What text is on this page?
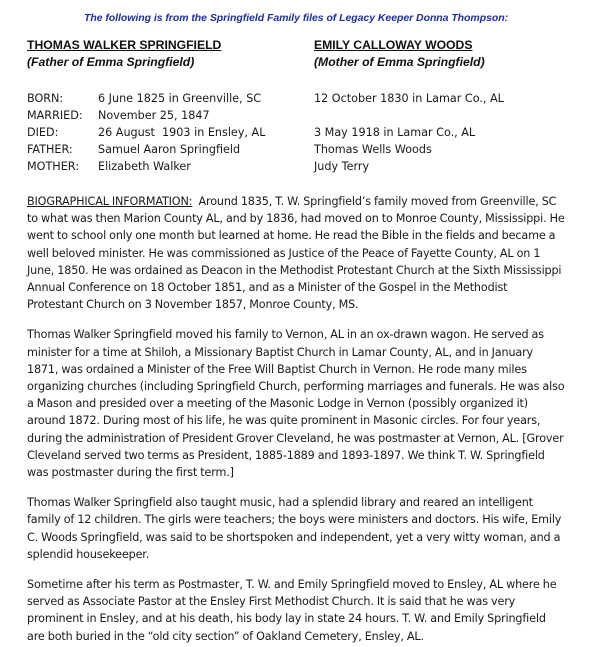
The following is from the Springfield Family files of Legacy Keeper Donna Thompson:
THOMAS WALKER SPRINGFIELD
(Father of Emma Springfield)
EMILY CALLOWAY WOODS
(Mother of Emma Springfield)
BORN:	6 June 1825 in Greenville, SC	12 October 1830 in Lamar Co., AL
MARRIED:	November 25, 1847
DIED:	26 August  1903 in Ensley, AL	3 May 1918 in Lamar Co., AL
FATHER:	Samuel Aaron Springfield	Thomas Wells Woods
MOTHER:	Elizabeth Walker	Judy Terry

BIOGRAPHICAL INFORMATION:  Around 1835, T. W. Springfield’s family moved from Greenville, SC to what was then Marion County AL, and by 1836, had moved on to Monroe County, Mississippi. He went to school only one month but learned at home. He read the Bible in the fields and became a well beloved minister. He was commissioned as Justice of the Peace of Fayette County, AL on 1 June, 1850. He was ordained as Deacon in the Methodist Protestant Church at the Sixth Mississippi Annual Conference on 18 October 1851, and as a Minister of the Gospel in the Methodist Protestant Church on 3 November 1857, Monroe County, MS.

Thomas Walker Springfield moved his family to Vernon, AL in an ox-drawn wagon. He served as minister for a time at Shiloh, a Missionary Baptist Church in Lamar County, AL, and in January 1871, was ordained a Minister of the Free Will Baptist Church in Vernon. He rode many miles organizing churches (including Springfield Church, performing marriages and funerals. He was also a Mason and presided over a meeting of the Masonic Lodge in Vernon (possibly organized it) around 1872. During most of his life, he was quite prominent in Masonic circles. For four years, during the administration of President Grover Cleveland, he was postmaster at Vernon, AL. [Grover Cleveland served two terms as President, 1885-1889 and 1893-1897. We think T. W. Springfield was postmaster during the first term.]

Thomas Walker Springfield also taught music, had a splendid library and reared an intelligent family of 12 children. The girls were teachers; the boys were ministers and doctors. His wife, Emily C. Woods Springfield, was said to be shortspoken and independent, yet a very witty woman, and a splendid housekeeper.

Sometime after his term as Postmaster, T. W. and Emily Springfield moved to Ensley, AL where he served as Associate Pastor at the Ensley First Methodist Church. It is said that he was very prominent in Ensley, and at his death, his body lay in state 24 hours. T. W. and Emily Springfield are both buried in the “old city section” of Oakland Cemetery, Ensley, AL.
